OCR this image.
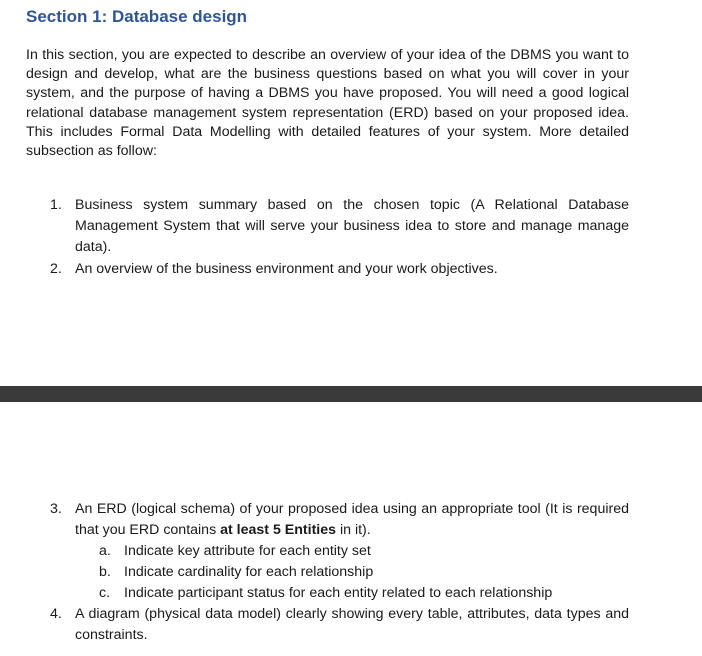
Section 1: Database design

In this section, you are expected to describe an overview of your idea of the DBMS you want to design and develop, what are the business questions based on what you will cover in your system, and the purpose of having a DBMS you have proposed. You will need a good logical relational database management system representation (ERD) based on your proposed idea. This includes Formal Data Modelling with detailed features of your system. More detailed subsection as follow:

1. Business system summary based on the chosen topic (A Relational Database Management System that will serve your business idea to store and manage manage data).
2. An overview of the business environment and your work objectives.
3. An ERD (logical schema) of your proposed idea using an appropriate tool (It is required that you ERD contains at least 5 Entities in it).
a. Indicate key attribute for each entity set
b. Indicate cardinality for each relationship
c. Indicate participant status for each entity related to each relationship
4. A diagram (physical data model) clearly showing every table, attributes, data types and constraints.
